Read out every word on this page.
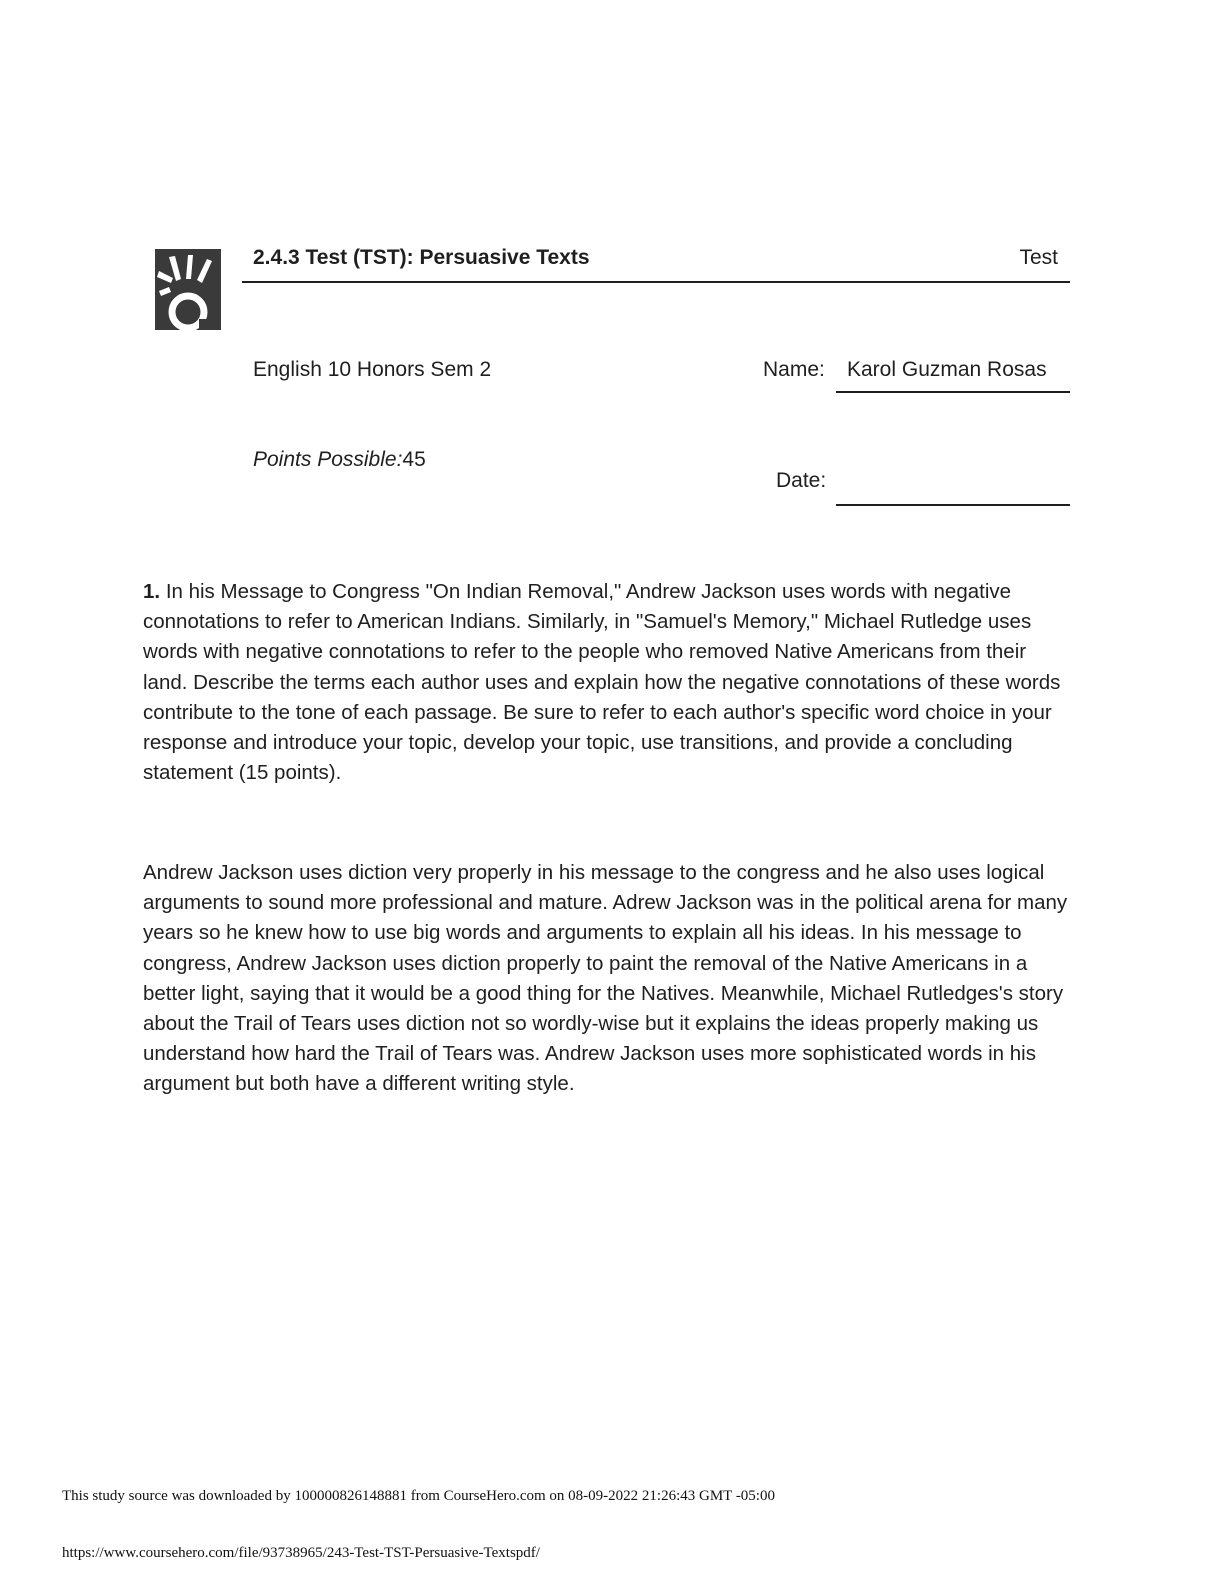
2.4.3 Test (TST): Persuasive Texts	Test
English 10 Honors Sem 2	Name:	Karol Guzman Rosas
Points Possible:45
Date:
1. In his Message to Congress "On Indian Removal," Andrew Jackson uses words with negative connotations to refer to American Indians. Similarly, in "Samuel's Memory," Michael Rutledge uses words with negative connotations to refer to the people who removed Native Americans from their land. Describe the terms each author uses and explain how the negative connotations of these words contribute to the tone of each passage. Be sure to refer to each author's specific word choice in your response and introduce your topic, develop your topic, use transitions, and provide a concluding statement (15 points).
Andrew Jackson uses diction very properly in his message to the congress and he also uses logical arguments to sound more professional and mature. Adrew Jackson was in the political arena for many years so he knew how to use big words and arguments to explain all his ideas. In his message to congress, Andrew Jackson uses diction properly to paint the removal of the Native Americans in a better light, saying that it would be a good thing for the Natives. Meanwhile, Michael Rutledges's story about the Trail of Tears uses diction not so wordly-wise but it explains the ideas properly making us understand how hard the Trail of Tears was. Andrew Jackson uses more sophisticated words in his argument but both have a different writing style.
This study source was downloaded by 100000826148881 from CourseHero.com on 08-09-2022 21:26:43 GMT -05:00
https://www.coursehero.com/file/93738965/243-Test-TST-Persuasive-Textspdf/
